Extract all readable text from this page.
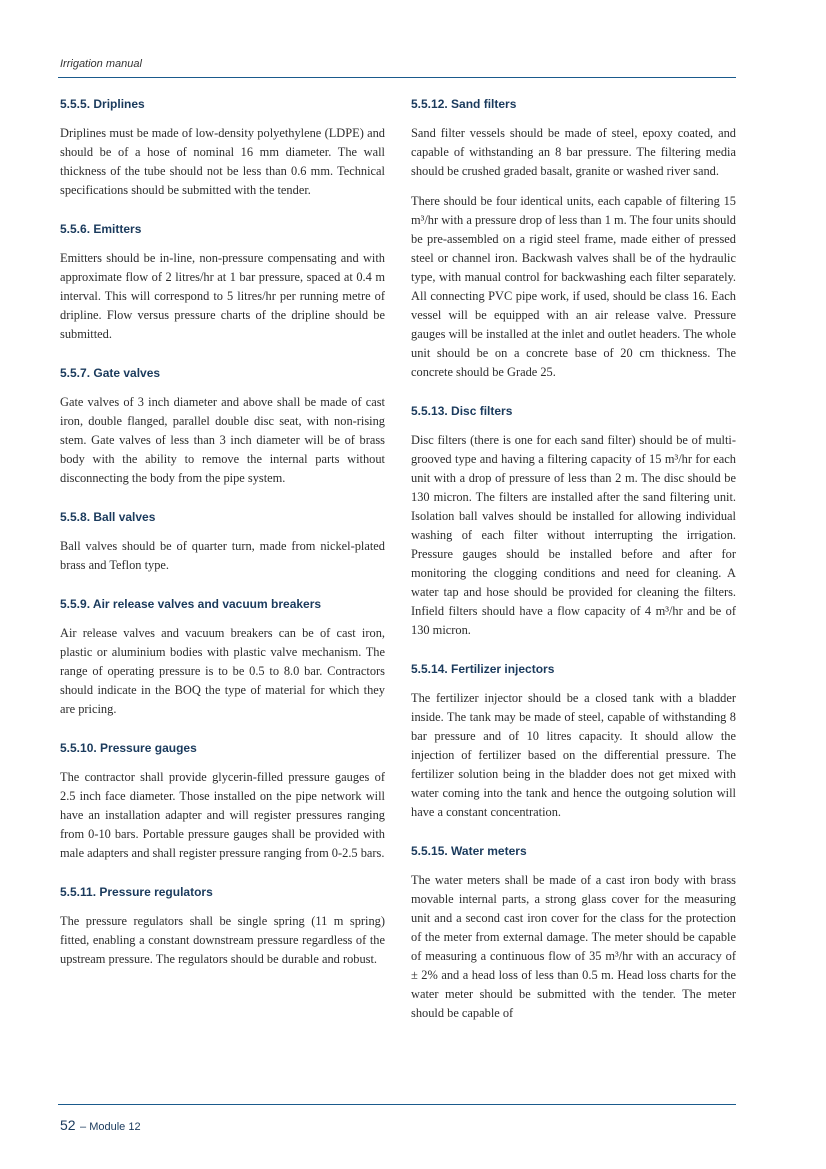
Irrigation manual
5.5.5. Driplines

Driplines must be made of low-density polyethylene (LDPE) and should be of a hose of nominal 16 mm diameter. The wall thickness of the tube should not be less than 0.6 mm. Technical specifications should be submitted with the tender.

5.5.6. Emitters

Emitters should be in-line, non-pressure compensating and with approximate flow of 2 litres/hr at 1 bar pressure, spaced at 0.4 m interval. This will correspond to 5 litres/hr per running metre of dripline. Flow versus pressure charts of the dripline should be submitted.

5.5.7. Gate valves

Gate valves of 3 inch diameter and above shall be made of cast iron, double flanged, parallel double disc seat, with non-rising stem. Gate valves of less than 3 inch diameter will be of brass body with the ability to remove the internal parts without disconnecting the body from the pipe system.

5.5.8. Ball valves

Ball valves should be of quarter turn, made from nickel-plated brass and Teflon type.

5.5.9. Air release valves and vacuum breakers

Air release valves and vacuum breakers can be of cast iron, plastic or aluminium bodies with plastic valve mechanism. The range of operating pressure is to be 0.5 to 8.0 bar. Contractors should indicate in the BOQ the type of material for which they are pricing.

5.5.10. Pressure gauges

The contractor shall provide glycerin-filled pressure gauges of 2.5 inch face diameter. Those installed on the pipe network will have an installation adapter and will register pressures ranging from 0-10 bars. Portable pressure gauges shall be provided with male adapters and shall register pressure ranging from 0-2.5 bars.

5.5.11. Pressure regulators

The pressure regulators shall be single spring (11 m spring) fitted, enabling a constant downstream pressure regardless of the upstream pressure. The regulators should be durable and robust.

5.5.12. Sand filters

Sand filter vessels should be made of steel, epoxy coated, and capable of withstanding an 8 bar pressure. The filtering media should be crushed graded basalt, granite or washed river sand.

There should be four identical units, each capable of filtering 15 m³/hr with a pressure drop of less than 1 m. The four units should be pre-assembled on a rigid steel frame, made either of pressed steel or channel iron. Backwash valves shall be of the hydraulic type, with manual control for backwashing each filter separately. All connecting PVC pipe work, if used, should be class 16. Each vessel will be equipped with an air release valve. Pressure gauges will be installed at the inlet and outlet headers. The whole unit should be on a concrete base of 20 cm thickness. The concrete should be Grade 25.

5.5.13. Disc filters

Disc filters (there is one for each sand filter) should be of multi-grooved type and having a filtering capacity of 15 m³/hr for each unit with a drop of pressure of less than 2 m. The disc should be 130 micron. The filters are installed after the sand filtering unit. Isolation ball valves should be installed for allowing individual washing of each filter without interrupting the irrigation. Pressure gauges should be installed before and after for monitoring the clogging conditions and need for cleaning. A water tap and hose should be provided for cleaning the filters. Infield filters should have a flow capacity of 4 m³/hr and be of 130 micron.

5.5.14. Fertilizer injectors

The fertilizer injector should be a closed tank with a bladder inside. The tank may be made of steel, capable of withstanding 8 bar pressure and of 10 litres capacity. It should allow the injection of fertilizer based on the differential pressure. The fertilizer solution being in the bladder does not get mixed with water coming into the tank and hence the outgoing solution will have a constant concentration.

5.5.15. Water meters

The water meters shall be made of a cast iron body with brass movable internal parts, a strong glass cover for the measuring unit and a second cast iron cover for the class for the protection of the meter from external damage. The meter should be capable of measuring a continuous flow of 35 m³/hr with an accuracy of ± 2% and a head loss of less than 0.5 m. Head loss charts for the water meter should be submitted with the tender. The meter should be capable of

52 – Module 12
